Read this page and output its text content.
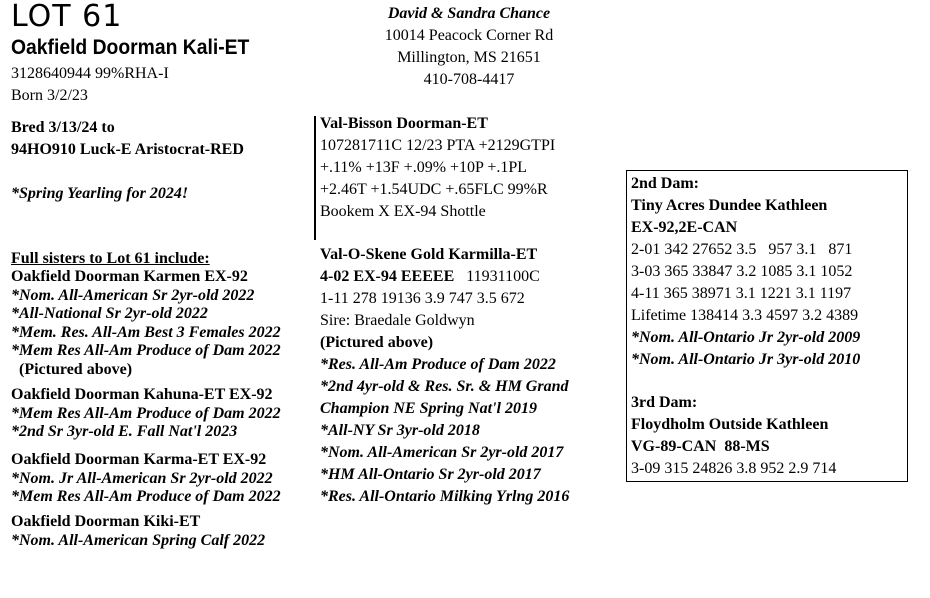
LOT 61
Oakfield Doorman Kali-ET
3128640944 99%RHA-I
Born 3/2/23
Bred 3/13/24 to
94HO910 Luck-E Aristocrat-RED
*Spring Yearling for 2024!
David & Sandra Chance
10014 Peacock Corner Rd
Millington, MS 21651
410-708-4417
Full sisters to Lot 61 include:
Oakfield Doorman Karmen EX-92
*Nom. All-American Sr 2yr-old 2022
*All-National Sr 2yr-old 2022
*Mem. Res. All-Am Best 3 Females 2022
*Mem Res All-Am Produce of Dam 2022
(Pictured above)
Oakfield Doorman Kahuna-ET EX-92
*Mem Res All-Am Produce of Dam 2022
*2nd Sr 3yr-old E. Fall Nat'l 2023
Oakfield Doorman Karma-ET EX-92
*Nom. Jr All-American Sr 2yr-old 2022
*Mem Res All-Am Produce of Dam 2022
Oakfield Doorman Kiki-ET
*Nom. All-American Spring Calf 2022
Val-Bisson Doorman-ET
107281711C 12/23 PTA +2129GTPI
+.11% +13F +.09% +10P +.1PL
+2.46T +1.54UDC +.65FLC 99%R
Bookem X EX-94 Shottle
Val-O-Skene Gold Karmilla-ET
4-02 EX-94 EEEEE 11931100C
1-11 278 19136 3.9 747 3.5 672
Sire: Braedale Goldwyn
(Pictured above)
*Res. All-Am Produce of Dam 2022
*2nd 4yr-old & Res. Sr. & HM Grand
Champion NE Spring Nat'l 2019
*All-NY Sr 3yr-old 2018
*Nom. All-American Sr 2yr-old 2017
*HM All-Ontario Sr 2yr-old 2017
*Res. All-Ontario Milking Yrlng 2016
2nd Dam:
Tiny Acres Dundee Kathleen
EX-92,2E-CAN
2-01 342 27652 3.5   957 3.1   871
3-03 365 33847 3.2 1085 3.1 1052
4-11 365 38971 3.1 1221 3.1 1197
Lifetime 138414 3.3 4597 3.2 4389
*Nom. All-Ontario Jr 2yr-old 2009
*Nom. All-Ontario Jr 3yr-old 2010
3rd Dam:
Floydholm Outside Kathleen
VG-89-CAN  88-MS
3-09 315 24826 3.8 952 2.9 714
